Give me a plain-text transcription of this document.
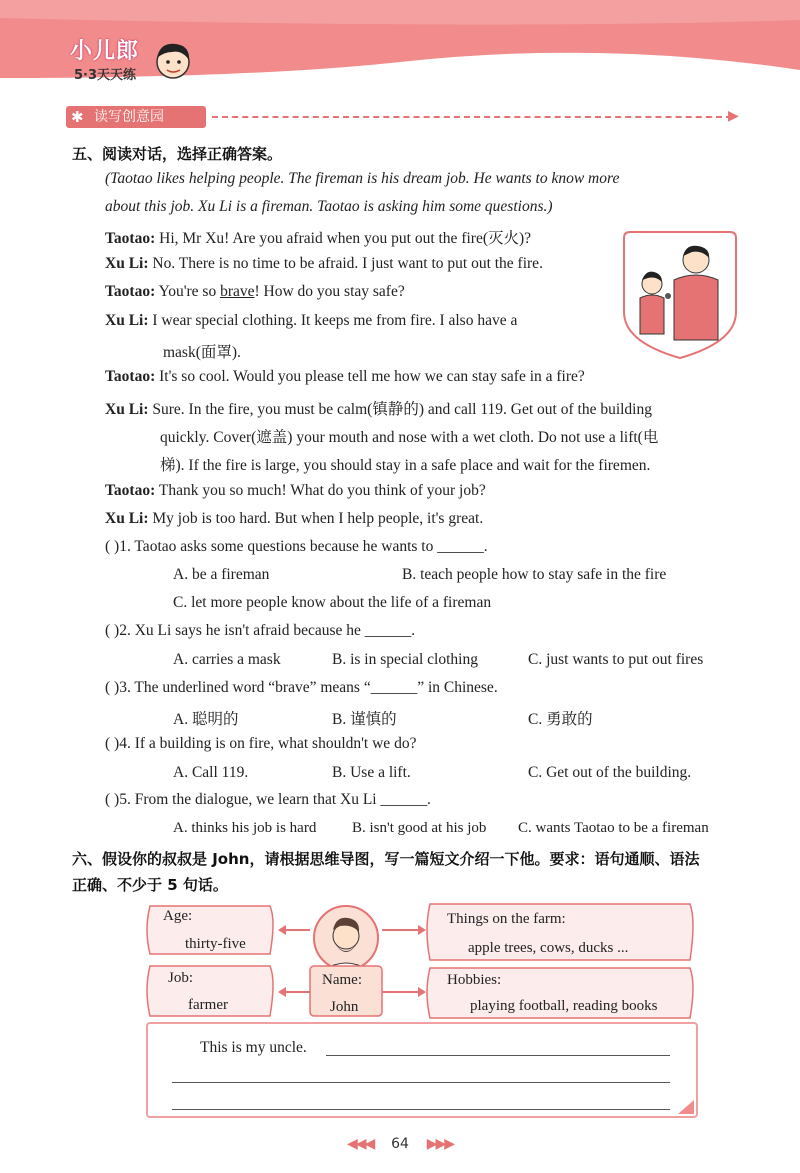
小儿郎
5·3天天练
✱ 读写创意园	▶
五、阅读对话，选择正确答案。
(Taotao likes helping people. The fireman is his dream job. He wants to know more
about this job. Xu Li is a fireman. Taotao is asking him some questions.)
Taotao: Hi, Mr Xu! Are you afraid when you put out the fire(灭火)?
Xu Li: No. There is no time to be afraid. I just want to put out the fire.
Taotao: You're so brave! How do you stay safe?
Xu Li: I wear special clothing. It keeps me from fire. I also have a
mask(面罩).
Taotao: It's so cool. Would you please tell me how we can stay safe in a fire?
Xu Li: Sure. In the fire, you must be calm(镇静的) and call 119. Get out of the building
quickly. Cover(遮盖) your mouth and nose with a wet cloth. Do not use a lift(电
梯). If the fire is large, you should stay in a safe place and wait for the firemen.
Taotao: Thank you so much! What do you think of your job?
Xu Li: My job is too hard. But when I help people, it's great.
( )1. Taotao asks some questions because he wants to ______.
A. be a fireman	B. teach people how to stay safe in the fire
C. let more people know about the life of a fireman
( )2. Xu Li says he isn't afraid because he ______.
A. carries a mask	B. is in special clothing	C. just wants to put out fires
( )3. The underlined word “brave” means “______” in Chinese.
A. 聪明的	B. 谨慎的	C. 勇敢的
( )4. If a building is on fire, what shouldn't we do?
A. Call 119.	B. Use a lift.	C. Get out of the building.
( )5. From the dialogue, we learn that Xu Li ______.
A. thinks his job is hard B. isn't good at his job C. wants Taotao to be a fireman
六、假设你的叔叔是 John，请根据思维导图，写一篇短文介绍一下他。要求：语句通顺、语法
正确、不少于 5 句话。
Age:
thirty-five
Job:
farmer
Name:
John
Things on the farm:
apple trees, cows, ducks ...
Hobbies:
playing football, reading books
This is my uncle.
◀◀◀ 64 ▶▶▶
